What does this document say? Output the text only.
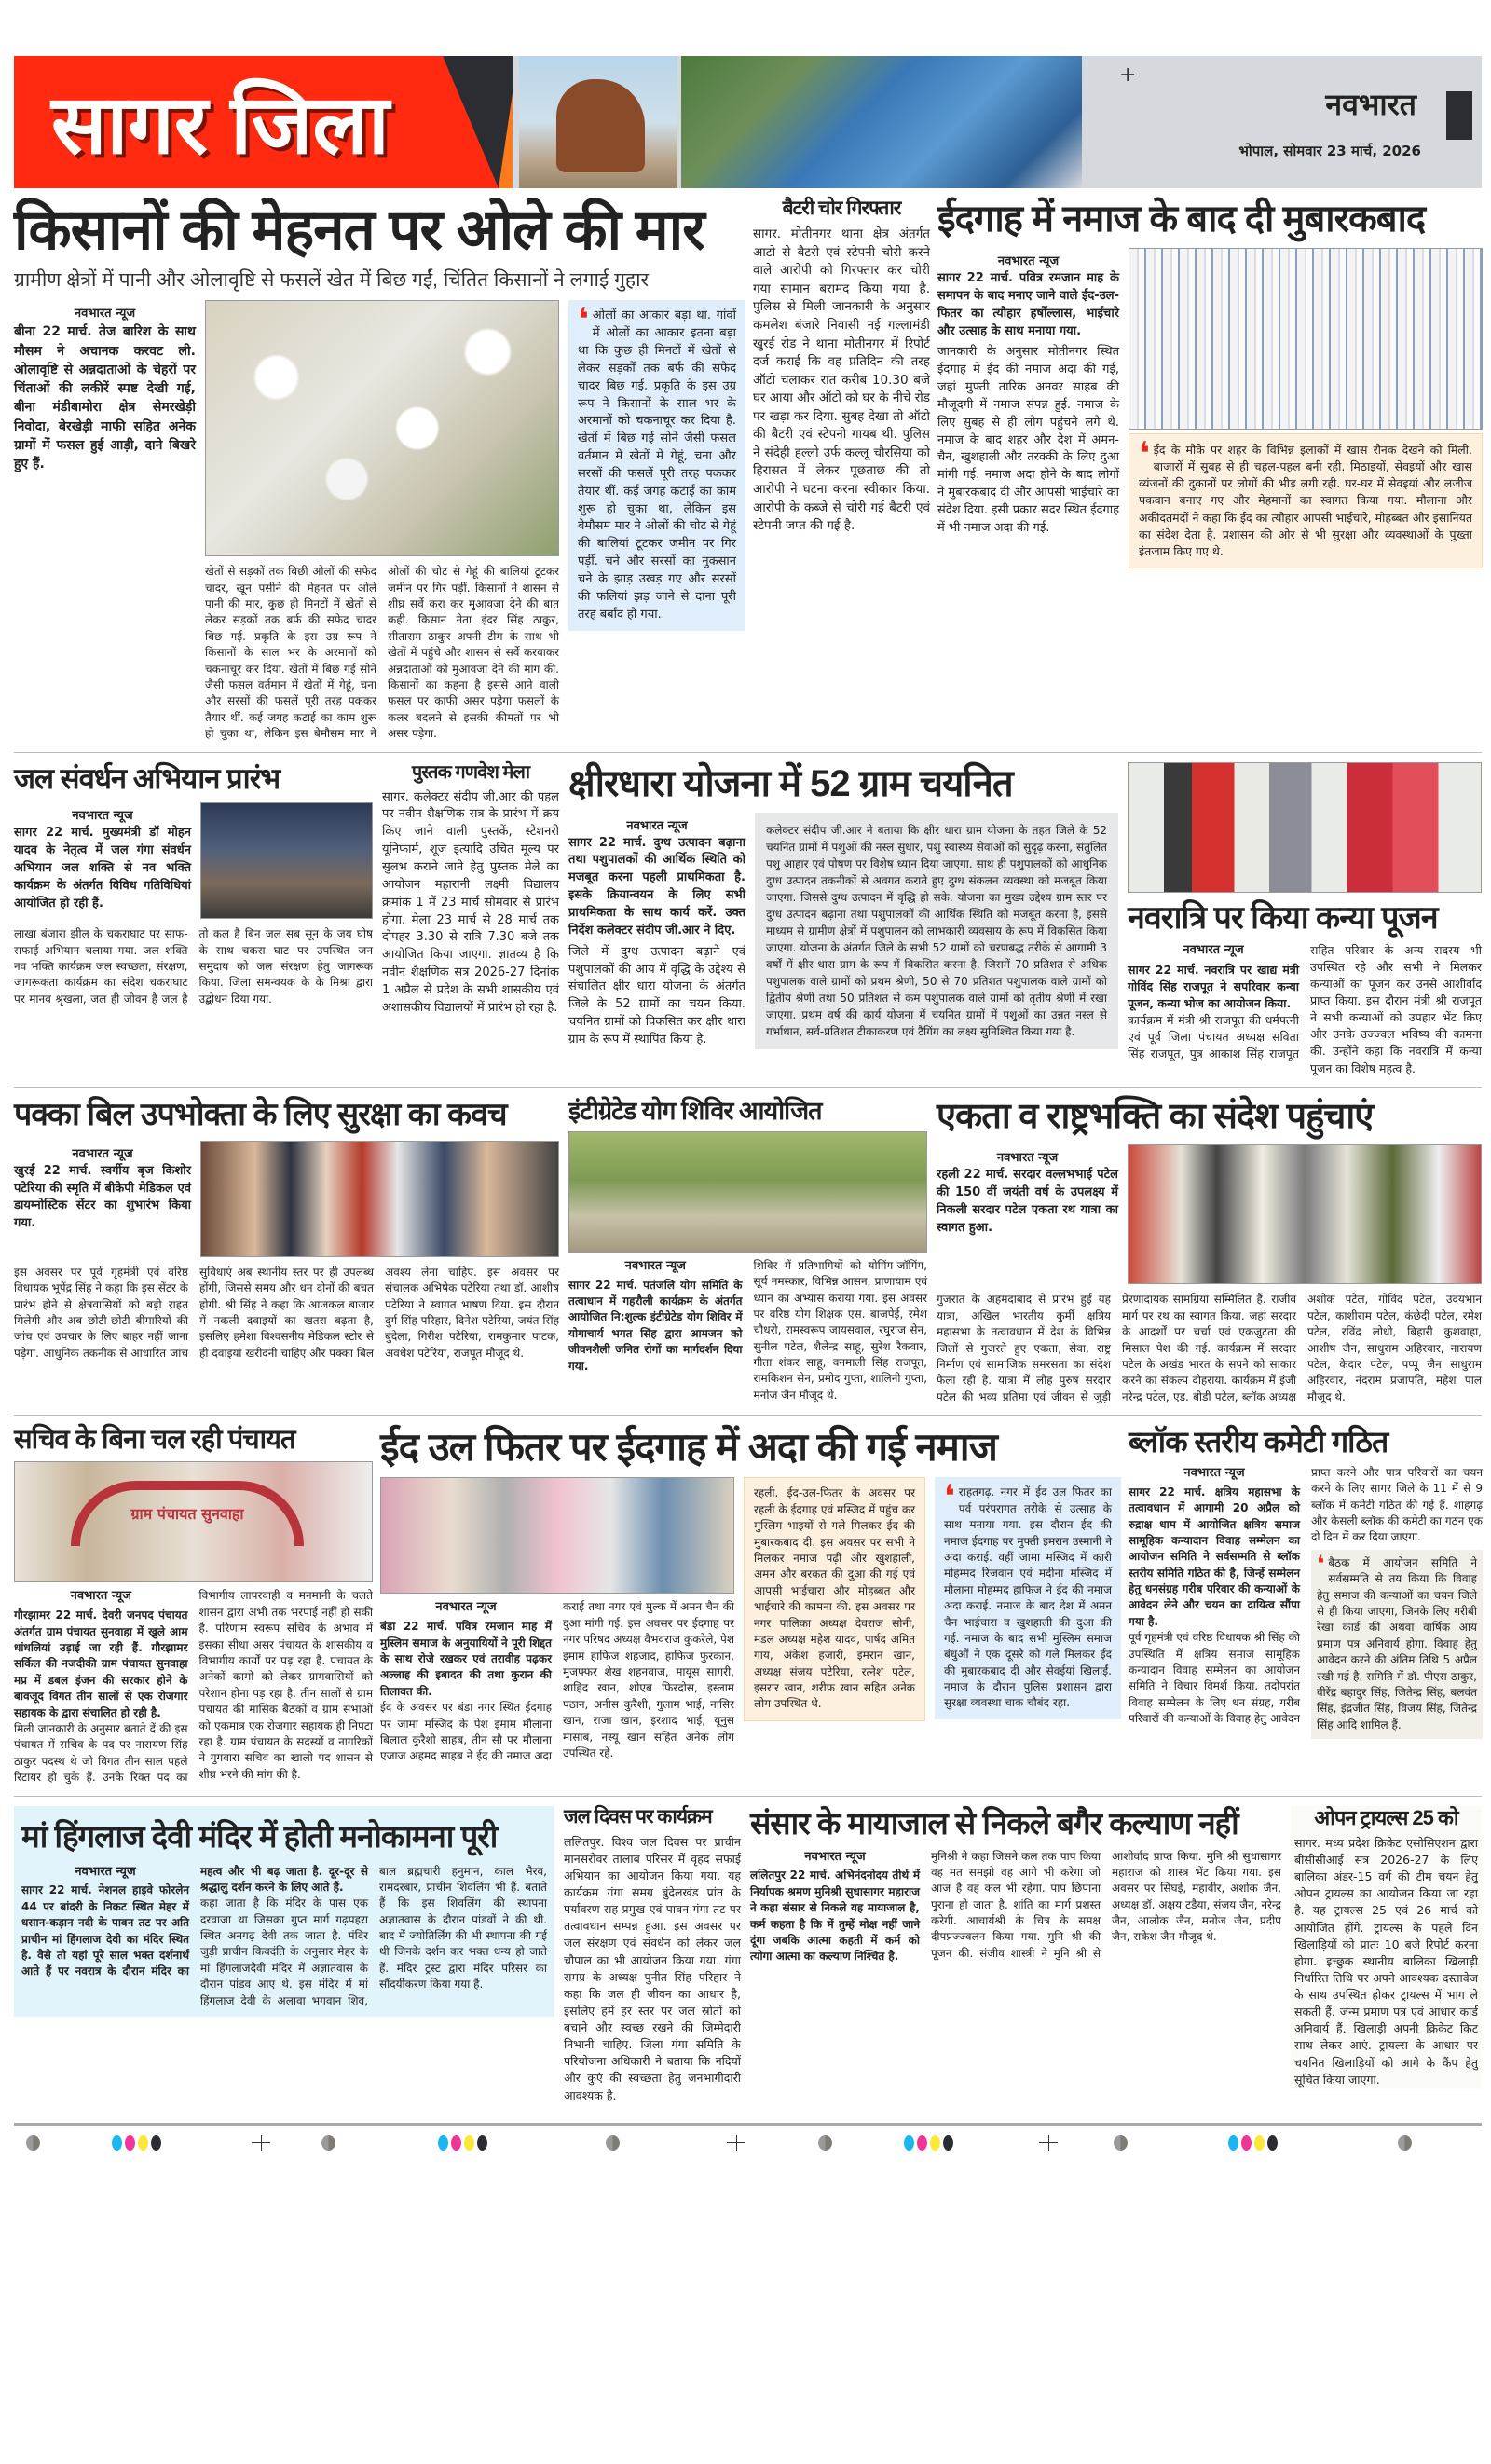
सागर जिला
+
नवभारत
भोपाल, सोमवार 23 मार्च, 2026
किसानों की मेहनत पर ओले की मार
ग्रामीण क्षेत्रों में पानी और ओलावृष्टि से फसलें खेत में बिछ गईं, चिंतित किसानों ने लगाई गुहार
नवभारत न्यूज
बीना 22 मार्च. तेज बारिश के साथ मौसम ने अचानक करवट ली. ओलावृष्टि से अन्नदाताओं के चेहरों पर चिंताओं की लकीरें स्पष्ट देखी गई, बीना मंडीबामोरा क्षेत्र सेमरखेड़ी निवोदा, बेरखेड़ी माफी सहित अनेक ग्रामों में फसल हुई आड़ी, दाने बिखरे हुए हैं.
खेतों से सड़कों तक बिछी ओलों की सफेद चादर, खून पसीने की मेहनत पर ओले पानी की मार, कुछ ही मिनटों में खेतों से लेकर सड़कों तक बर्फ की सफेद चादर बिछ गई. प्रकृति के इस उग्र रूप ने किसानों के साल भर के अरमानों को चकनाचूर कर दिया. खेतों में बिछ गई सोने जैसी फसल वर्तमान में खेतों में गेहूं, चना और सरसों की फसलें पूरी तरह पककर तैयार थीं. कई जगह कटाई का काम शुरू हो चुका था, लेकिन इस बेमौसम मार ने ओलों की चोट से गेहूं की बालियां टूटकर जमीन पर गिर पड़ीं. किसानों ने शासन से शीघ्र सर्वे करा कर मुआवजा देने की बात कही. किसान नेता इंदर सिंह ठाकुर, सीताराम ठाकुर अपनी टीम के साथ भी खेतों में पहुंचे और शासन से सर्वे करवाकर अन्नदाताओं को मुआवजा देने की मांग की. किसानों का कहना है इससे आने वाली फसल पर काफी असर पड़ेगा फसलों के कलर बदलने से इसकी कीमतों पर भी असर पड़ेगा.
❛ ओलों का आकार बड़ा था. गांवों में ओलों का आकार इतना बड़ा था कि कुछ ही मिनटों में खेतों से लेकर सड़कों तक बर्फ की सफेद चादर बिछ गई. प्रकृति के इस उग्र रूप ने किसानों के साल भर के अरमानों को चकनाचूर कर दिया है. खेतों में बिछ गई सोने जैसी फसल वर्तमान में खेतों में गेहूं, चना और सरसों की फसलें पूरी तरह पककर तैयार थीं. कई जगह कटाई का काम शुरू हो चुका था, लेकिन इस बेमौसम मार ने ओलों की चोट से गेहूं की बालियां टूटकर जमीन पर गिर पड़ीं. चने और सरसों का नुकसान चने के झाड़ उखड़ गए और सरसों की फलियां झड़ जाने से दाना पूरी तरह बर्बाद हो गया.
बैटरी चोर गिरफ्तार
सागर. मोतीनगर थाना क्षेत्र अंतर्गत आटो से बैटरी एवं स्टेपनी चोरी करने वाले आरोपी को गिरफ्तार कर चोरी गया सामान बरामद किया गया है. पुलिस से मिली जानकारी के अनुसार कमलेश बंजारे निवासी नई गल्लामंडी खुरई रोड ने थाना मोतीनगर में रिपोर्ट दर्ज कराई कि वह प्रतिदिन की तरह ऑटो चलाकर रात करीब 10.30 बजे घर आया और ऑटो को घर के नीचे रोड पर खड़ा कर दिया. सुबह देखा तो ऑटो की बैटरी एवं स्टेपनी गायब थी. पुलिस ने संदेही हल्लो उर्फ कल्लू चौरसिया को हिरासत में लेकर पूछताछ की तो आरोपी ने घटना करना स्वीकार किया. आरोपी के कब्जे से चोरी गई बैटरी एवं स्टेपनी जप्त की गई है.
ईदगाह में नमाज के बाद दी मुबारकबाद
नवभारत न्यूज
सागर 22 मार्च. पवित्र रमजान माह के समापन के बाद मनाए जाने वाले ईद-उल-फितर का त्यौहार हर्षोल्लास, भाईचारे और उत्साह के साथ मनाया गया.
जानकारी के अनुसार मोतीनगर स्थित ईदगाह में ईद की नमाज अदा की गई, जहां मुफ्ती तारिक अनवर साहब की मौजूदगी में नमाज संपन्न हुई. नमाज के लिए सुबह से ही लोग पहुंचने लगे थे. नमाज के बाद शहर और देश में अमन-चैन, खुशहाली और तरक्की के लिए दुआ मांगी गई. नमाज अदा होने के बाद लोगों ने मुबारकबाद दी और आपसी भाईचारे का संदेश दिया. इसी प्रकार सदर स्थित ईदगाह में भी नमाज अदा की गई.
❛ ईद के मौके पर शहर के विभिन्न इलाकों में खास रौनक देखने को मिली. बाजारों में सुबह से ही चहल-पहल बनी रही. मिठाइयों, सेवइयों और खास व्यंजनों की दुकानों पर लोगों की भीड़ लगी रही. घर-घर में सेवइयां और लजीज पकवान बनाए गए और मेहमानों का स्वागत किया गया. मौलाना और अकीदतमंदों ने कहा कि ईद का त्यौहार आपसी भाईचारे, मोहब्बत और इंसानियत का संदेश देता है. प्रशासन की ओर से भी सुरक्षा और व्यवस्थाओं के पुख्ता इंतजाम किए गए थे.
जल संवर्धन अभियान प्रारंभ
नवभारत न्यूज
सागर 22 मार्च. मुख्यमंत्री डॉ मोहन यादव के नेतृत्व में जल गंगा संवर्धन अभियान जल शक्ति से नव भक्ति कार्यक्रम के अंतर्गत विविध गतिविधियां आयोजित हो रही हैं.
लाखा बंजारा झील के चकराघाट पर साफ-सफाई अभियान चलाया गया. जल शक्ति नव भक्ति कार्यक्रम जल स्वच्छता, संरक्षण, जागरूकता कार्यक्रम का संदेश चकराघाट पर मानव श्रृंखला, जल ही जीवन है जल है तो कल है बिन जल सब सून के जय घोष के साथ चकरा घाट पर उपस्थित जन समुदाय को जल संरक्षण हेतु जागरूक किया. जिला समन्वयक के के मिश्रा द्वारा उद्बोधन दिया गया.
पुस्तक गणवेश मेला
सागर. कलेक्टर संदीप जी.आर की पहल पर नवीन शैक्षणिक सत्र के प्रारंभ में क्रय किए जाने वाली पुस्तकें, स्टेशनरी यूनिफार्म, शूज इत्यादि उचित मूल्य पर सुलभ कराने जाने हेतु पुस्तक मेले का आयोजन महारानी लक्ष्मी विद्यालय क्रमांक 1 में 23 मार्च सोमवार से प्रारंभ होगा. मेला 23 मार्च से 28 मार्च तक दोपहर 3.30 से रात्रि 7.30 बजे तक आयोजित किया जाएगा. ज्ञातव्य है कि नवीन शैक्षणिक सत्र 2026-27 दिनांक 1 अप्रैल से प्रदेश के सभी शासकीय एवं अशासकीय विद्यालयों में प्रारंभ हो रहा है.
क्षीरधारा योजना में 52 ग्राम चयनित
नवभारत न्यूज
सागर 22 मार्च. दुग्ध उत्पादन बढ़ाना तथा पशुपालकों की आर्थिक स्थिति को मजबूत करना पहली प्राथमिकता है. इसके क्रियान्वयन के लिए सभी प्राथमिकता के साथ कार्य करें. उक्त निर्देश कलेक्टर संदीप जी.आर ने दिए.
जिले में दुग्ध उत्पादन बढ़ाने एवं पशुपालकों की आय में वृद्धि के उद्देश्य से संचालित क्षीर धारा योजना के अंतर्गत जिले के 52 ग्रामों का चयन किया. चयनित ग्रामों को विकसित कर क्षीर धारा ग्राम के रूप में स्थापित किया है.
कलेक्टर संदीप जी.आर ने बताया कि क्षीर धारा ग्राम योजना के तहत जिले के 52 चयनित ग्रामों में पशुओं की नस्ल सुधार, पशु स्वास्थ्य सेवाओं को सुदृढ़ करना, संतुलित पशु आहार एवं पोषण पर विशेष ध्यान दिया जाएगा. साथ ही पशुपालकों को आधुनिक दुग्ध उत्पादन तकनीकों से अवगत कराते हुए दुग्ध संकलन व्यवस्था को मजबूत किया जाएगा. जिससे दुग्ध उत्पादन में वृद्धि हो सके. योजना का मुख्य उद्देश्य ग्राम स्तर पर दुग्ध उत्पादन बढ़ाना तथा पशुपालकों की आर्थिक स्थिति को मजबूत करना है, इससे माध्यम से ग्रामीण क्षेत्रों में पशुपालन को लाभकारी व्यवसाय के रूप में विकसित किया जाएगा. योजना के अंतर्गत जिले के सभी 52 ग्रामों को चरणबद्ध तरीके से आगामी 3 वर्षों में क्षीर धारा ग्राम के रूप में विकसित करना है, जिसमें 70 प्रतिशत से अधिक पशुपालक वाले ग्रामों को प्रथम श्रेणी, 50 से 70 प्रतिशत पशुपालक वाले ग्रामों को द्वितीय श्रेणी तथा 50 प्रतिशत से कम पशुपालक वाले ग्रामों को तृतीय श्रेणी में रखा जाएगा. प्रथम वर्ष की कार्य योजना में चयनित ग्रामों में पशुओं का उन्नत नस्ल से गर्भाधान, सर्व-प्रतिशत टीकाकरण एवं टैगिंग का लक्ष्य सुनिश्चित किया गया है.
नवरात्रि पर किया कन्या पूजन
नवभारत न्यूज
सागर 22 मार्च. नवरात्रि पर खाद्य मंत्री गोविंद सिंह राजपूत ने सपरिवार कन्या पूजन, कन्या भोज का आयोजन किया.
कार्यक्रम में मंत्री श्री राजपूत की धर्मपत्नी एवं पूर्व जिला पंचायत अध्यक्ष सविता सिंह राजपूत, पुत्र आकाश सिंह राजपूत सहित परिवार के अन्य सदस्य भी उपस्थित रहे और सभी ने मिलकर कन्याओं का पूजन कर उनसे आशीर्वाद प्राप्त किया. इस दौरान मंत्री श्री राजपूत ने सभी कन्याओं को उपहार भेंट किए और उनके उज्ज्वल भविष्य की कामना की. उन्होंने कहा कि नवरात्रि में कन्या पूजन का विशेष महत्व है.
पक्का बिल उपभोक्ता के लिए सुरक्षा का कवच
नवभारत न्यूज
खुरई 22 मार्च. स्वर्गीय बृज किशोर पटेरिया की स्मृति में बीकेपी मेडिकल एवं डायग्नोस्टिक सेंटर का शुभारंभ किया गया.
इस अवसर पर पूर्व गृहमंत्री एवं वरिष्ठ विधायक भूपेंद्र सिंह ने कहा कि इस सेंटर के प्रारंभ होने से क्षेत्रवासियों को बड़ी राहत मिलेगी और अब छोटी-छोटी बीमारियों की जांच एवं उपचार के लिए बाहर नहीं जाना पड़ेगा. आधुनिक तकनीक से आधारित जांच सुविधाएं अब स्थानीय स्तर पर ही उपलब्ध होंगी, जिससे समय और धन दोनों की बचत होगी. श्री सिंह ने कहा कि आजकल बाजार में नकली दवाइयों का खतरा बढ़ता है, इसलिए हमेशा विश्वसनीय मेडिकल स्टोर से ही दवाइयां खरीदनी चाहिए और पक्का बिल अवश्य लेना चाहिए. इस अवसर पर संचालक अभिषेक पटेरिया तथा डॉ. आशीष पटेरिया ने स्वागत भाषण दिया. इस दौरान दुर्ग सिंह परिहार, दिनेश पटेरिया, जयंत सिंह बुंदेला, गिरीश पटेरिया, रामकुमार पाटक, अवधेश पटेरिया, राजपूत मौजूद थे.
इंटीग्रेटेड योग शिविर आयोजित
नवभारत न्यूज
सागर 22 मार्च. पतंजलि योग समिति के तत्वाधान में गहरौली कार्यक्रम के अंतर्गत आयोजित नि:शुल्क इंटीग्रेटेड योग शिविर में योगाचार्य भगत सिंह द्वारा आमजन को जीवनशैली जनित रोगों का मार्गदर्शन दिया गया.
शिविर में प्रतिभागियों को योगिंग-जॉगिंग, सूर्य नमस्कार, विभिन्न आसन, प्राणायाम एवं ध्यान का अभ्यास कराया गया. इस अवसर पर वरिष्ठ योग शिक्षक एस. बाजपेई, रमेश चौधरी, रामस्वरूप जायसवाल, रघुराज सेन, सुनील पटेल, शैलेन्द्र साहू, सुरेश रैकवार, गीता शंकर साहू, वनमाली सिंह राजपूत, रामकिशन सेन, प्रमोद गुप्ता, शालिनी गुप्ता, मनोज जैन मौजूद थे.
एकता व राष्ट्रभक्ति का संदेश पहुंचाएं
नवभारत न्यूज
रहली 22 मार्च. सरदार वल्लभभाई पटेल की 150 वीं जयंती वर्ष के उपलक्ष्य में निकली सरदार पटेल एकता रथ यात्रा का स्वागत हुआ.
गुजरात के अहमदाबाद से प्रारंभ हुई यह यात्रा, अखिल भारतीय कुर्मी क्षत्रिय महासभा के तत्वावधान में देश के विभिन्न जिलों से गुजरते हुए एकता, सेवा, राष्ट्र निर्माण एवं सामाजिक समरसता का संदेश फैला रही है. यात्रा में लौह पुरुष सरदार पटेल की भव्य प्रतिमा एवं जीवन से जुड़ी प्रेरणादायक सामग्रियां सम्मिलित हैं. राजीव मार्ग पर रथ का स्वागत किया. जहां सरदार के आदर्शों पर चर्चा एवं एकजुटता की मिसाल पेश की गई. कार्यक्रम में सरदार पटेल के अखंड भारत के सपने को साकार करने का संकल्प दोहराया. कार्यक्रम में इंजी नरेन्द्र पटेल, एड. बीडी पटेल, ब्लॉक अध्यक्ष अशोक पटेल, गोविंद पटेल, उदयभान पटेल, काशीराम पटेल, कंछेदी पटेल, रमेश पटेल, रविंद्र लोधी, बिहारी कुशवाहा, आशीष जैन, साधुराम अहिरवार, नारायण पटेल, केदार पटेल, पप्पू जैन साधुराम अहिरवार, नंदराम प्रजापति, महेश पाल मौजूद थे.
सचिव के बिना चल रही पंचायत
ग्राम पंचायत सुनवाहा
नवभारत न्यूज
गौरझामर 22 मार्च. देवरी जनपद पंचायत अंतर्गत ग्राम पंचायत सुनवाहा में खुले आम धांधलियां उड़ाई जा रही हैं. गौरझामर सर्किल की नजदीकी ग्राम पंचायत सुनवाहा मप्र में डबल इंजन की सरकार होने के बावजूद विगत तीन सालों से एक रोजगार सहायक के द्वारा संचालित हो रही है.
मिली जानकारी के अनुसार बताते दें की इस पंचायत में सचिव के पद पर नारायण सिंह ठाकुर पदस्थ थे जो विगत तीन साल पहले रिटायर हो चुके हैं. उनके रिक्त पद का विभागीय लापरवाही व मनमानी के चलते शासन द्वारा अभी तक भरपाई नहीं हो सकी है. परिणाम स्वरूप सचिव के अभाव में इसका सीधा असर पंचायत के शासकीय व विभागीय कार्यों पर पड़ रहा है. पंचायत के अनेकों कामो को लेकर ग्रामवासियों को परेशान होना पड़ रहा है. तीन सालों से ग्राम पंचायत की मासिक बैठकों व ग्राम सभाओं को एकमात्र एक रोजगार सहायक ही निपटा रहा है. ग्राम पंचायत के सदस्यों व नागरिकों ने गुगवारा सचिव का खाली पद शासन से शीघ्र भरने की मांग की है.
ईद उल फितर पर ईदगाह में अदा की गई नमाज
नवभारत न्यूज
बंडा 22 मार्च. पवित्र रमजान माह में मुस्लिम समाज के अनुयायियों ने पूरी शिद्दत के साथ रोजे रखकर एवं तरावीह पढ़कर अल्लाह की इबादत की तथा कुरान की तिलावत की.
ईद के अवसर पर बंडा नगर स्थित ईदगाह पर जामा मस्जिद के पेश इमाम मौलाना बिलाल कुरैशी साहब, तीन सौ पर मौलाना एजाज अहमद साहब ने ईद की नमाज अदा कराई तथा नगर एवं मुल्क में अमन चैन की दुआ मांगी गई. इस अवसर पर ईदगाह पर नगर परिषद अध्यक्ष वैभवराज कुकरेले, पेश इमाम हाफिज शहजाद, हाफिज फुरकान, मुजफ्फर शेख शहनवाज, मायूस सागरी, शाहिद खान, शोएब फिरदोस, इस्लाम पठान, अनीस कुरैशी, गुलाम भाई, नासिर खान, राजा खान, इरशाद भाई, यूनुस मासाब, नस्यू खान सहित अनेक लोग उपस्थित रहे.
रहली. ईद-उल-फितर के अवसर पर रहली के ईदगाह एवं मस्जिद में पहुंच कर मुस्लिम भाइयों से गले मिलकर ईद की मुबारकबाद दी. इस अवसर पर सभी ने मिलकर नमाज पढ़ी और खुशहाली, अमन और बरकत की दुआ की गई एवं आपसी भाईचारा और मोहब्बत और भाईचारे की कामना की. इस अवसर पर नगर पालिका अध्यक्ष देवराज सोनी, मंडल अध्यक्ष महेश यादव, पार्षद अमित गाय, अंकेश हजारी, इमरान खान, अध्यक्ष संजय पटेरिया, रत्नेश पटेल, इसरार खान, शरीफ खान सहित अनेक लोग उपस्थित थे.
❛ राहतगढ़. नगर में ईद उल फितर का पर्व परंपरागत तरीके से उत्साह के साथ मनाया गया. इस दौरान ईद की नमाज ईदगाह पर मुफ्ती इमरान उस्मानी ने अदा कराई. वहीं जामा मस्जिद में कारी मोहम्मद रिजवान एवं मदीना मस्जिद में मौलाना मोहम्मद हाफिज ने ईद की नमाज अदा कराई. नमाज के बाद देश में अमन चैन भाईचारा व खुशहाली की दुआ की गई. नमाज के बाद सभी मुस्लिम समाज बंधुओं ने एक दूसरे को गले मिलकर ईद की मुबारकबाद दी और सेवईयां खिलाईं. नमाज के दौरान पुलिस प्रशासन द्वारा सुरक्षा व्यवस्था चाक चौबंद रहा.
ब्लॉक स्तरीय कमेटी गठित
नवभारत न्यूज
सागर 22 मार्च. क्षत्रिय महासभा के तत्वावधान में आगामी 20 अप्रैल को रुद्राक्ष धाम में आयोजित क्षत्रिय समाज सामूहिक कन्यादान विवाह सम्मेलन का आयोजन समिति ने सर्वसम्मति से ब्लॉक स्तरीय समिति गठित की है, जिन्हें सम्मेलन हेतु धनसंग्रह गरीब परिवार की कन्याओं के आवेदन लेने और चयन का दायित्व सौंपा गया है.
पूर्व गृहमंत्री एवं वरिष्ठ विधायक श्री सिंह की उपस्थिति में क्षत्रिय समाज सामूहिक कन्यादान विवाह सम्मेलन का आयोजन समिति ने विचार विमर्श किया. तदोपरांत विवाह सम्मेलन के लिए धन संग्रह, गरीब परिवारों की कन्याओं के विवाह हेतु आवेदन प्राप्त करने और पात्र परिवारों का चयन करने के लिए सागर जिले के 11 में से 9 ब्लॉक में कमेटी गठित की गई हैं. शाहगढ़ और केसली ब्लॉक की कमेटी का गठन एक दो दिन में कर दिया जाएगा.
❛ बैठक में आयोजन समिति ने सर्वसम्मति से तय किया कि विवाह हेतु समाज की कन्याओं का चयन जिले से ही किया जाएगा, जिनके लिए गरीबी रेखा कार्ड की अथवा वार्षिक आय प्रमाण पत्र अनिवार्य होगा. विवाह हेतु आवेदन करने की अंतिम तिथि 5 अप्रैल रखी गई है. समिति में डॉ. पीएस ठाकुर, वीरेंद्र बहादुर सिंह, जितेन्द्र सिंह, बलवंत सिंह, इंद्रजीत सिंह, विजय सिंह, जितेन्द्र सिंह आदि शामिल हैं.
मां हिंगलाज देवी मंदिर में होती मनोकामना पूरी
नवभारत न्यूज
सागर 22 मार्च. नेशनल हाइवे फोरलेन 44 पर बांदरी के निकट स्थित मेहर में धसान-कड़ान नदी के पावन तट पर अति प्राचीन मां हिंगलाज देवी का मंदिर स्थित है. वैसे तो यहां पूरे साल भक्त दर्शनार्थ आते हैं पर नवरात्र के दौरान मंदिर का महत्व और भी बढ़ जाता है. दूर-दूर से श्रद्धालु दर्शन करने के लिए आते हैं.
कहा जाता है कि मंदिर के पास एक दरवाजा था जिसका गुप्त मार्ग गढ़पहरा स्थित अनगढ़ देवी तक जाता है. मंदिर जुड़ी प्राचीन किवदंति के अनुसार मेहर के मां हिंगलाजदेवी मंदिर में अज्ञातवास के दौरान पांडव आए थे. इस मंदिर में मां हिंगलाज देवी के अलावा भगवान शिव, बाल ब्रह्मचारी हनुमान, काल भैरव, रामदरबार, प्राचीन शिवलिंग भी हैं. बताते हैं कि इस शिवलिंग की स्थापना अज्ञातवास के दौरान पांडवों ने की थी. बाद में ज्योतिर्लिंग की भी स्थापना की गई थी जिनके दर्शन कर भक्त धन्य हो जाते हैं. मंदिर ट्रस्ट द्वारा मंदिर परिसर का सौंदर्यीकरण किया गया है.
जल दिवस पर कार्यक्रम
ललितपुर. विश्व जल दिवस पर प्राचीन मानसरोवर तालाब परिसर में वृहद सफाई अभियान का आयोजन किया गया. यह कार्यक्रम गंगा समग्र बुंदेलखंड प्रांत के पर्यावरण सह प्रमुख एवं पावन गंगा तट पर तत्वावधान सम्पन्न हुआ. इस अवसर पर जल संरक्षण एवं संवर्धन को लेकर जल चौपाल का भी आयोजन किया गया. गंगा समग्र के अध्यक्ष पुनीत सिंह परिहार ने कहा कि जल ही जीवन का आधार है, इसलिए हमें हर स्तर पर जल स्रोतों को बचाने और स्वच्छ रखने की जिम्मेदारी निभानी चाहिए. जिला गंगा समिति के परियोजना अधिकारी ने बताया कि नदियों और कुएं की स्वच्छता हेतु जनभागीदारी आवश्यक है.
संसार के मायाजाल से निकले बगैर कल्याण नहीं
नवभारत न्यूज
ललितपुर 22 मार्च. अभिनंदनोदय तीर्थ में निर्यापक श्रमण मुनिश्री सुधासागर महाराज ने कहा संसार से निकले यह मायाजाल है, कर्म कहता है कि में तुम्हें मोक्ष नहीं जाने दूंगा जबकि आत्मा कहती में कर्म को त्योगा आत्मा का कल्याण निश्चित है.
मुनिश्री ने कहा जिसने कल तक पाप किया वह मत समझो वह आगे भी करेगा जो आज है वह कल भी रहेगा. पाप छिपाना पुराना हो जाता है. शांति का मार्ग प्रशस्त करेगी. आचार्यश्री के चित्र के समक्ष दीपप्रज्ज्वलन किया गया. मुनि श्री की पूजन की. संजीव शास्त्री ने मुनि श्री से आशीर्वाद प्राप्त किया. मुनि श्री सुधासागर महाराज को शास्त्र भेंट किया गया. इस अवसर पर सिंघई, महावीर, अशोक जैन, अध्यक्ष डॉ. अक्षय टडैया, संजय जैन, नरेन्द्र जैन, आलोक जैन, मनोज जैन, प्रदीप जैन, राकेश जैन मौजूद थे.
ओपन ट्रायल्स 25 को
सागर. मध्य प्रदेश क्रिकेट एसोसिएशन द्वारा बीसीसीआई सत्र 2026-27 के लिए बालिका अंडर-15 वर्ग की टीम चयन हेतु ओपन ट्रायल्स का आयोजन किया जा रहा है. यह ट्रायल्स 25 एवं 26 मार्च को आयोजित होंगे. ट्रायल्स के पहले दिन खिलाड़ियों को प्रातः 10 बजे रिपोर्ट करना होगा. इच्छुक स्थानीय बालिका खिलाड़ी निर्धारित तिथि पर अपने आवश्यक दस्तावेज के साथ उपस्थित होकर ट्रायल्स में भाग ले सकती हैं. जन्म प्रमाण पत्र एवं आधार कार्ड अनिवार्य हैं. खिलाड़ी अपनी क्रिकेट किट साथ लेकर आएं. ट्रायल्स के आधार पर चयनित खिलाड़ियों को आगे के कैंप हेतु सूचित किया जाएगा.
